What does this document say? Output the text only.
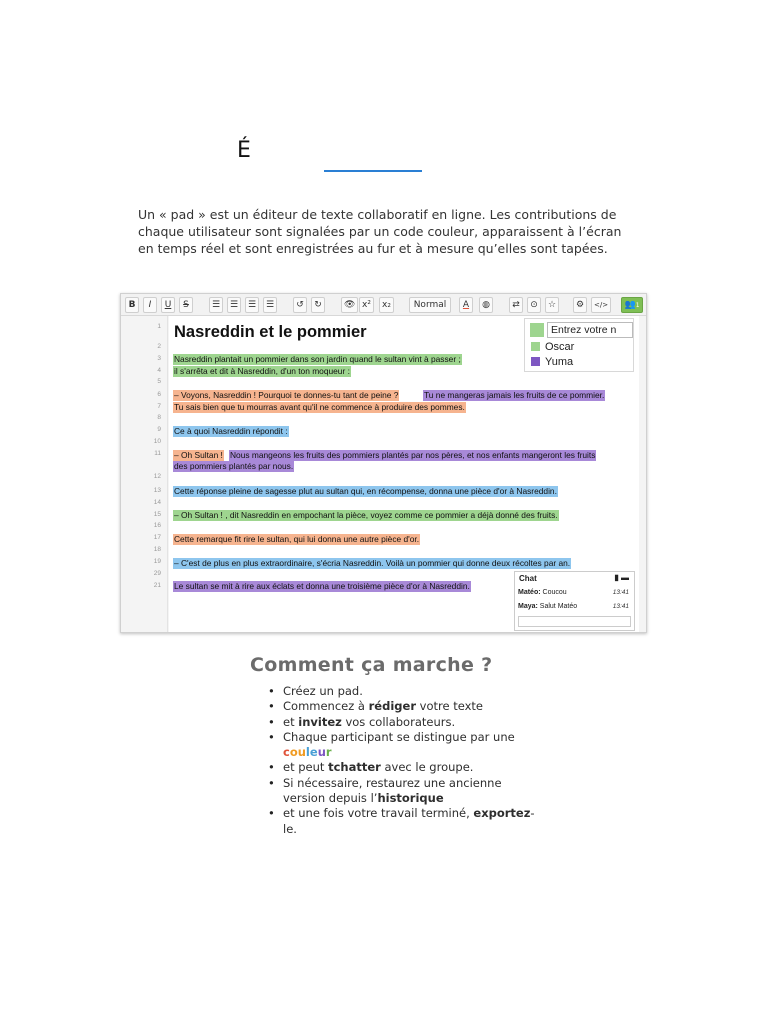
É

Un « pad » est un éditeur de texte collaboratif en ligne. Les contributions de chaque utilisateur sont signalées par un code couleur, apparaissent à l’écran en temps réel et sont enregistrées au fur et à mesure qu’elles sont tapées.

B	I	U	S	☰	☰	☰	☰	↺	↻	👁 x²	x₂	Normal	A	◍	⇄	⊙	☆	⚙	</>	👥1
1
2
3
4
5
6
7
8
9
10
11
12
13
14
15
16
17
18
19
29
21
Nasreddin et le pommier
Nasreddin plantait un pommier dans son jardin quand le sultan vint à passer ;
il s'arrêta et dit à Nasreddin, d'un ton moqueur :
– Voyons, Nasreddin ! Pourquoi te donnes-tu tant de peine ?	Tu ne mangeras jamais les fruits de ce pommier.
Tu sais bien que tu mourras avant qu'il ne commence à produire des pommes.
Ce à quoi Nasreddin répondit :
– Oh Sultan ! Nous mangeons les fruits des pommiers plantés par nos pères, et nos enfants mangeront les fruits
des pommiers plantés par nous.
Cette réponse pleine de sagesse plut au sultan qui, en récompense, donna une pièce d'or à Nasreddin.
– Oh Sultan ! , dit Nasreddin en empochant la pièce, voyez comme ce pommier a déjà donné des fruits.
Cette remarque fit rire le sultan, qui lui donna une autre pièce d'or.
– C'est de plus en plus extraordinaire, s'écria Nasreddin. Voilà un pommier qui donne deux récoltes par an.
Le sultan se mit à rire aux éclats et donna une troisième pièce d'or à Nasreddin.
Entrez votre n
Oscar
Yuma
Chat	▮ ▬
Matéo: Coucou	13:41
Maya: Salut Matéo	13:41
Comment ça marche ?
• Créez un pad.
• Commencez à rédiger votre texte
• et invitez vos collaborateurs.
• Chaque participant se distingue par une
couleur
• et peut tchatter avec le groupe.
• Si nécessaire, restaurez une ancienne version depuis l’historique
• et une fois votre travail terminé, exportez-le.
